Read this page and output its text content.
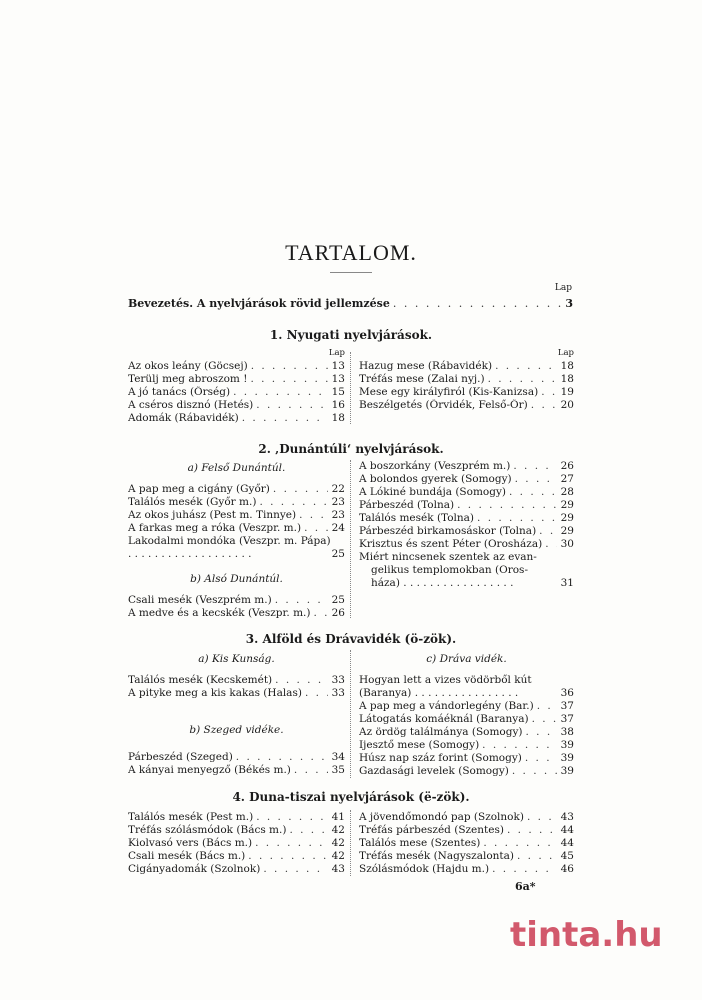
TARTALOM.
Lap
Bevezetés. A nyelvjárások rövid jellemzése . . .	3
1. Nyugati nyelvjárások.
Lap
Az okos leány (Göcsej) . . .	13
Terülj meg abroszom ! . . .	13
A jó tanács (Őrség) . . .	15
A cséros disznó (Hetés) . . .	16
Adomák (Rábavidék) . . .	18
Lap
Hazug mese (Rábavidék) . . .	18
Tréfás mese (Zalai nyj.) . . .	18
Mese egy királyfiról (Kis-Kanizsa) . . . 19
Beszélgetés (Őrvidék, Felső-Őr) . . .	20
2. ‚Dunántúli‘ nyelvjárások.
a) Felső Dunántúl.
A pap meg a cigány (Győr) . . .	22
Találós mesék (Győr m.) . . .	23
Az okos juhász (Pest m. Tinnye) . . .	23
A farkas meg a róka (Veszpr. m.) . . .	24
Lakodalmi mondóka (Veszpr. m. Pápa) . . . . . . . . . . . . . . . . . . .	25
b) Alsó Dunántúl.
Csali mesék (Veszprém m.) . . .	25
A medve és a kecskék (Veszpr. m.) . . . 26
A boszorkány (Veszprém m.) . . .	26
A bolondos gyerek (Somogy) . . .	27
A Lókiné bundája (Somogy) . . .	28
Párbeszéd (Tolna) . . .	29
Találós mesék (Tolna) . . .	29
Párbeszéd birkamosáskor (Tolna) . . . 29
Krisztus és szent Péter (Orosháza) . . . 30
Miért nincsenek szentek az evan-
gelikus templomokban (Oros-
háza) . . . . . . . . . . . . . . . . .	31
3. Alföld és Drávavidék (ö-zök).
a) Kis Kunság.
Találós mesék (Kecskemét) . . .	33
A pityke meg a kis kakas (Halas) . . .	33
b) Szeged vidéke.
Párbeszéd (Szeged) . . .	34
A kányai menyegző (Békés m.) . . .	35
c) Dráva vidék.
Hogyan lett a vizes vödörből kút
(Baranya) . . . . . . . . . . . . . . . .	36
A pap meg a vándorlegény (Bar.) . . .	37
Látogatás komáéknál (Baranya) . . .	37
Az ördög találmánya (Somogy) . . .	38
Ijesztő mese (Somogy) . . .	39
Húsz nap száz forint (Somogy) . . .	39
Gazdasági levelek (Somogy) . . .	39
4. Duna-tiszai nyelvjárások (ë-zök).
Találós mesék (Pest m.) . . .	41
Tréfás szólásmódok (Bács m.) . . .	42
Kiolvasó vers (Bács m.) . . .	42
Csali mesék (Bács m.) . . .	42
Cigányadomák (Szolnok) . . .	43
A jövendőmondó pap (Szolnok) . . .	43
Tréfás párbeszéd (Szentes) . . .	44
Találós mese (Szentes) . . .	44
Tréfás mesék (Nagyszalonta) . . .	45
Szólásmódok (Hajdu m.) . . .	46
6a*
tinta.hu
